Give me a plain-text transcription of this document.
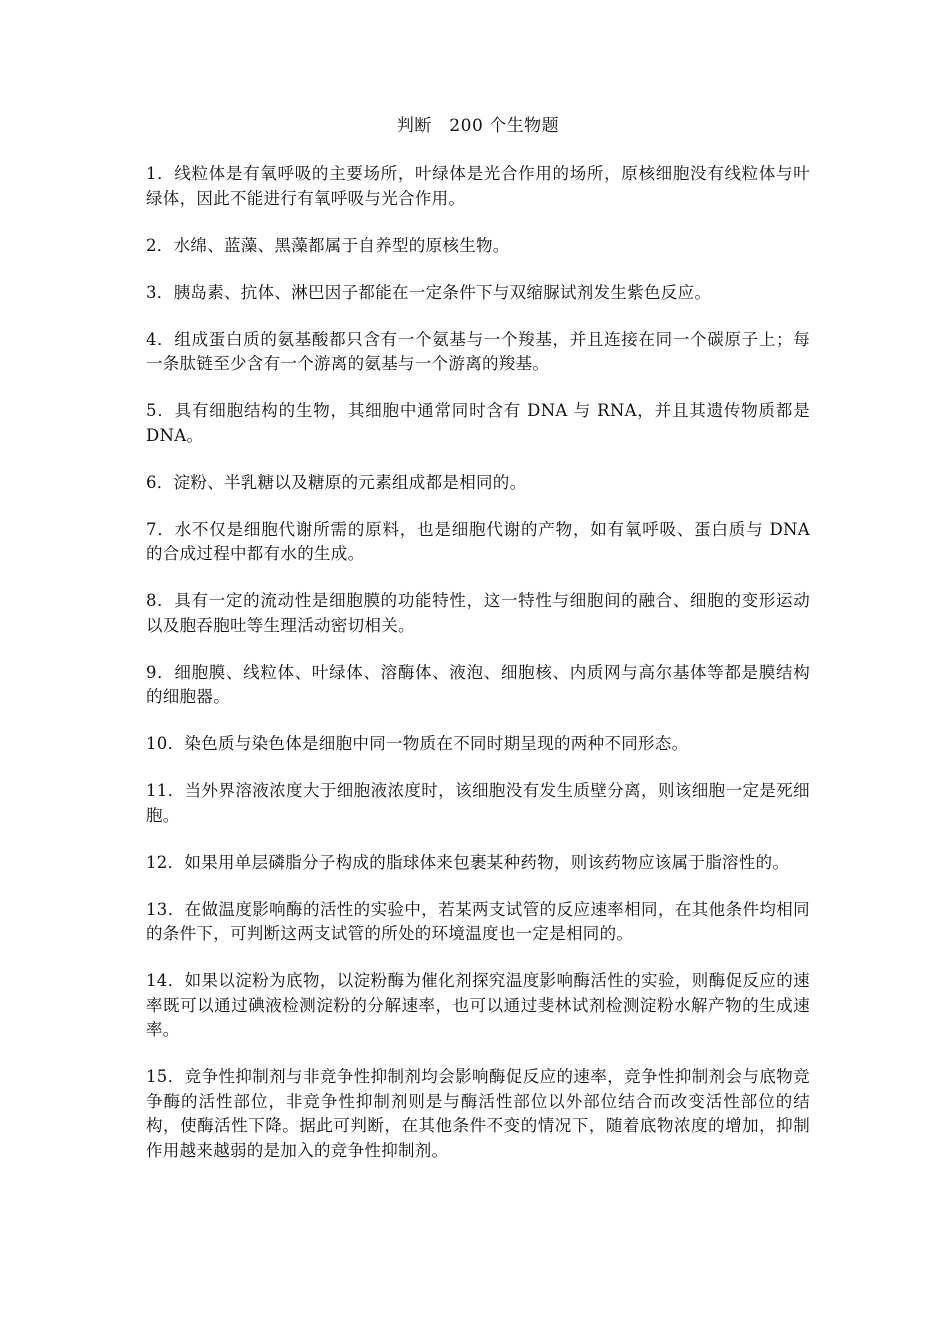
判断　200 个生物题
1．线粒体是有氧呼吸的主要场所，叶绿体是光合作用的场所，原核细胞没有线粒体与叶绿体，因此不能进行有氧呼吸与光合作用。
2．水绵、蓝藻、黑藻都属于自养型的原核生物。
3．胰岛素、抗体、淋巴因子都能在一定条件下与双缩脲试剂发生紫色反应。
4．组成蛋白质的氨基酸都只含有一个氨基与一个羧基，并且连接在同一个碳原子上；每一条肽链至少含有一个游离的氨基与一个游离的羧基。
5．具有细胞结构的生物，其细胞中通常同时含有 DNA 与 RNA，并且其遗传物质都是 DNA。
6．淀粉、半乳糖以及糖原的元素组成都是相同的。
7．水不仅是细胞代谢所需的原料，也是细胞代谢的产物，如有氧呼吸、蛋白质与 DNA 的合成过程中都有水的生成。
8．具有一定的流动性是细胞膜的功能特性，这一特性与细胞间的融合、细胞的变形运动以及胞吞胞吐等生理活动密切相关。
9．细胞膜、线粒体、叶绿体、溶酶体、液泡、细胞核、内质网与高尔基体等都是膜结构的细胞器。
10．染色质与染色体是细胞中同一物质在不同时期呈现的两种不同形态。
11．当外界溶液浓度大于细胞液浓度时，该细胞没有发生质壁分离，则该细胞一定是死细胞。
12．如果用单层磷脂分子构成的脂球体来包裹某种药物，则该药物应该属于脂溶性的。
13．在做温度影响酶的活性的实验中，若某两支试管的反应速率相同，在其他条件均相同的条件下，可判断这两支试管的所处的环境温度也一定是相同的。
14．如果以淀粉为底物，以淀粉酶为催化剂探究温度影响酶活性的实验，则酶促反应的速率既可以通过碘液检测淀粉的分解速率，也可以通过斐林试剂检测淀粉水解产物的生成速率。
15．竞争性抑制剂与非竞争性抑制剂均会影响酶促反应的速率，竞争性抑制剂会与底物竞争酶的活性部位，非竞争性抑制剂则是与酶活性部位以外部位结合而改变活性部位的结构，使酶活性下降。据此可判断，在其他条件不变的情况下，随着底物浓度的增加，抑制作用越来越弱的是加入的竞争性抑制剂。
